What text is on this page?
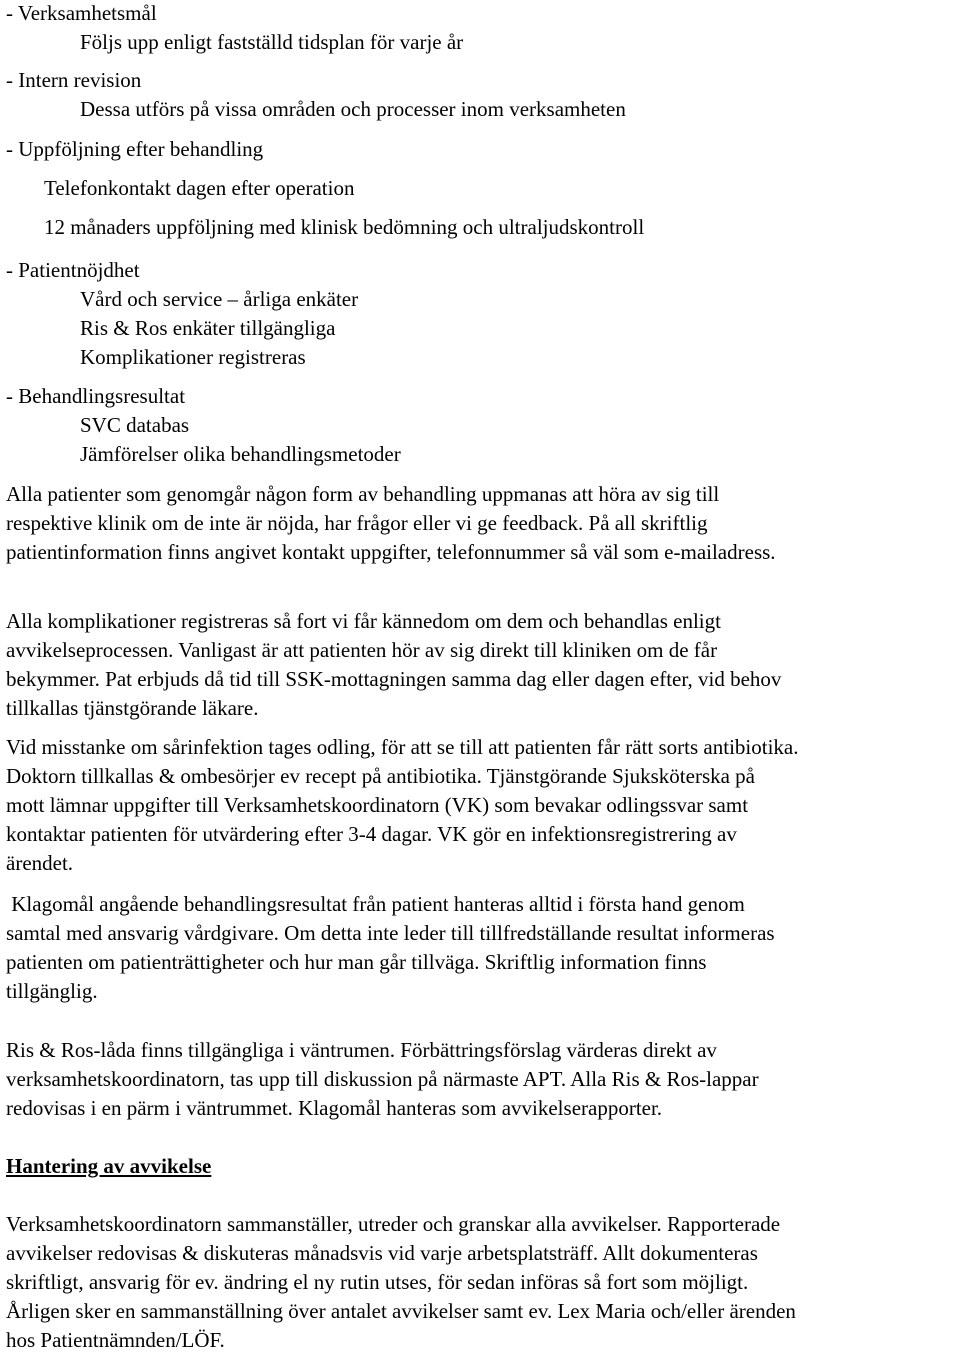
- Verksamhetsmål
Följs upp enligt fastställd tidsplan för varje år
- Intern revision
Dessa utförs på vissa områden och processer inom verksamheten
- Uppföljning efter behandling
Telefonkontakt dagen efter operation
12 månaders uppföljning med klinisk bedömning och ultraljudskontroll
- Patientnöjdhet
Vård och service – årliga enkäter
Ris & Ros enkäter tillgängliga
Komplikationer registreras
- Behandlingsresultat
SVC databas
Jämförelser olika behandlingsmetoder
Alla patienter som genomgår någon form av behandling uppmanas att höra av sig till
respektive klinik om de inte är nöjda, har frågor eller vi ge feedback. På all skriftlig
patientinformation finns angivet kontakt uppgifter, telefonnummer så väl som e-mailadress.
Alla komplikationer registreras så fort vi får kännedom om dem och behandlas enligt
avvikelseprocessen. Vanligast är att patienten hör av sig direkt till kliniken om de får
bekymmer. Pat erbjuds då tid till SSK-mottagningen samma dag eller dagen efter, vid behov
tillkallas tjänstgörande läkare.
Vid misstanke om sårinfektion tages odling, för att se till att patienten får rätt sorts antibiotika.
Doktorn tillkallas & ombesörjer ev recept på antibiotika. Tjänstgörande Sjuksköterska på
mott lämnar uppgifter till Verksamhetskoordinatorn (VK) som bevakar odlingssvar samt
kontaktar patienten för utvärdering efter 3-4 dagar. VK gör en infektionsregistrering av
ärendet.
Klagomål angående behandlingsresultat från patient hanteras alltid i första hand genom
samtal med ansvarig vårdgivare. Om detta inte leder till tillfredställande resultat informeras
patienten om patienträttigheter och hur man går tillväga. Skriftlig information finns
tillgänglig.
Ris & Ros-låda finns tillgängliga i väntrumen. Förbättringsförslag värderas direkt av
verksamhetskoordinatorn, tas upp till diskussion på närmaste APT. Alla Ris & Ros-lappar
redovisas i en pärm i väntrummet. Klagomål hanteras som avvikelserapporter.
Hantering av avvikelse
Verksamhetskoordinatorn sammanställer, utreder och granskar alla avvikelser. Rapporterade
avvikelser redovisas & diskuteras månadsvis vid varje arbetsplatsträff. Allt dokumenteras
skriftligt, ansvarig för ev. ändring el ny rutin utses, för sedan införas så fort som möjligt.
Årligen sker en sammanställning över antalet avvikelser samt ev. Lex Maria och/eller ärenden
hos Patientnämnden/LÖF.
